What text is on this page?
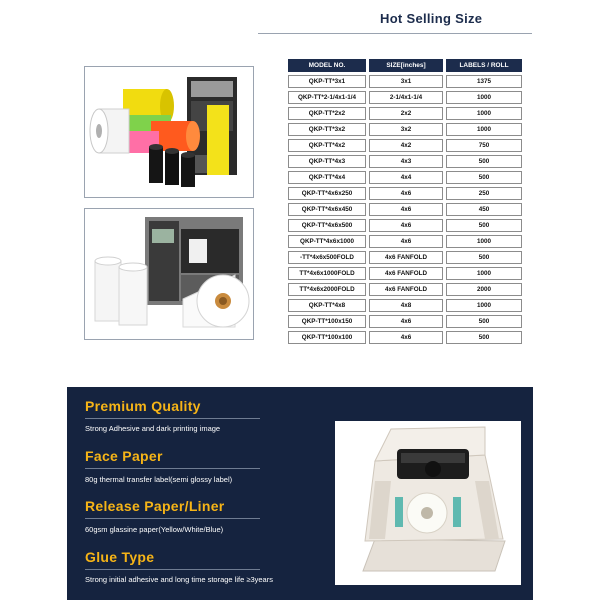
Hot Selling Size
MODEL NO.	SIZE[inches]	LABELS / ROLL
QKP-TT*3x1	3x1	1375
QKP-TT*2-1/4x1-1/4	2-1/4x1-1/4	1000
QKP-TT*2x2	2x2	1000
QKP-TT*3x2	3x2	1000
QKP-TT*4x2	4x2	750
QKP-TT*4x3	4x3	500
QKP-TT*4x4	4x4	500
QKP-TT*4x6x250	4x6	250
QKP-TT*4x6x450	4x6	450
QKP-TT*4x6x500	4x6	500
QKP-TT*4x6x1000	4x6	1000
-TT*4x6x500FOLD	4x6 FANFOLD	500
TT*4x6x1000FOLD	4x6 FANFOLD	1000
TT*4x6x2000FOLD	4x6 FANFOLD	2000
QKP-TT*4x8	4x8	1000
QKP-TT*100x150	4x6	500
QKP-TT*100x100	4x6	500
Premium Quality
Strong Adhesive and dark printing image
Face Paper
80g thermal transfer label(semi glossy label)
Release Paper/Liner
60gsm glassine paper(Yellow/White/Blue)
Glue Type
Strong initial adhesive and long time storage life ≥3years
